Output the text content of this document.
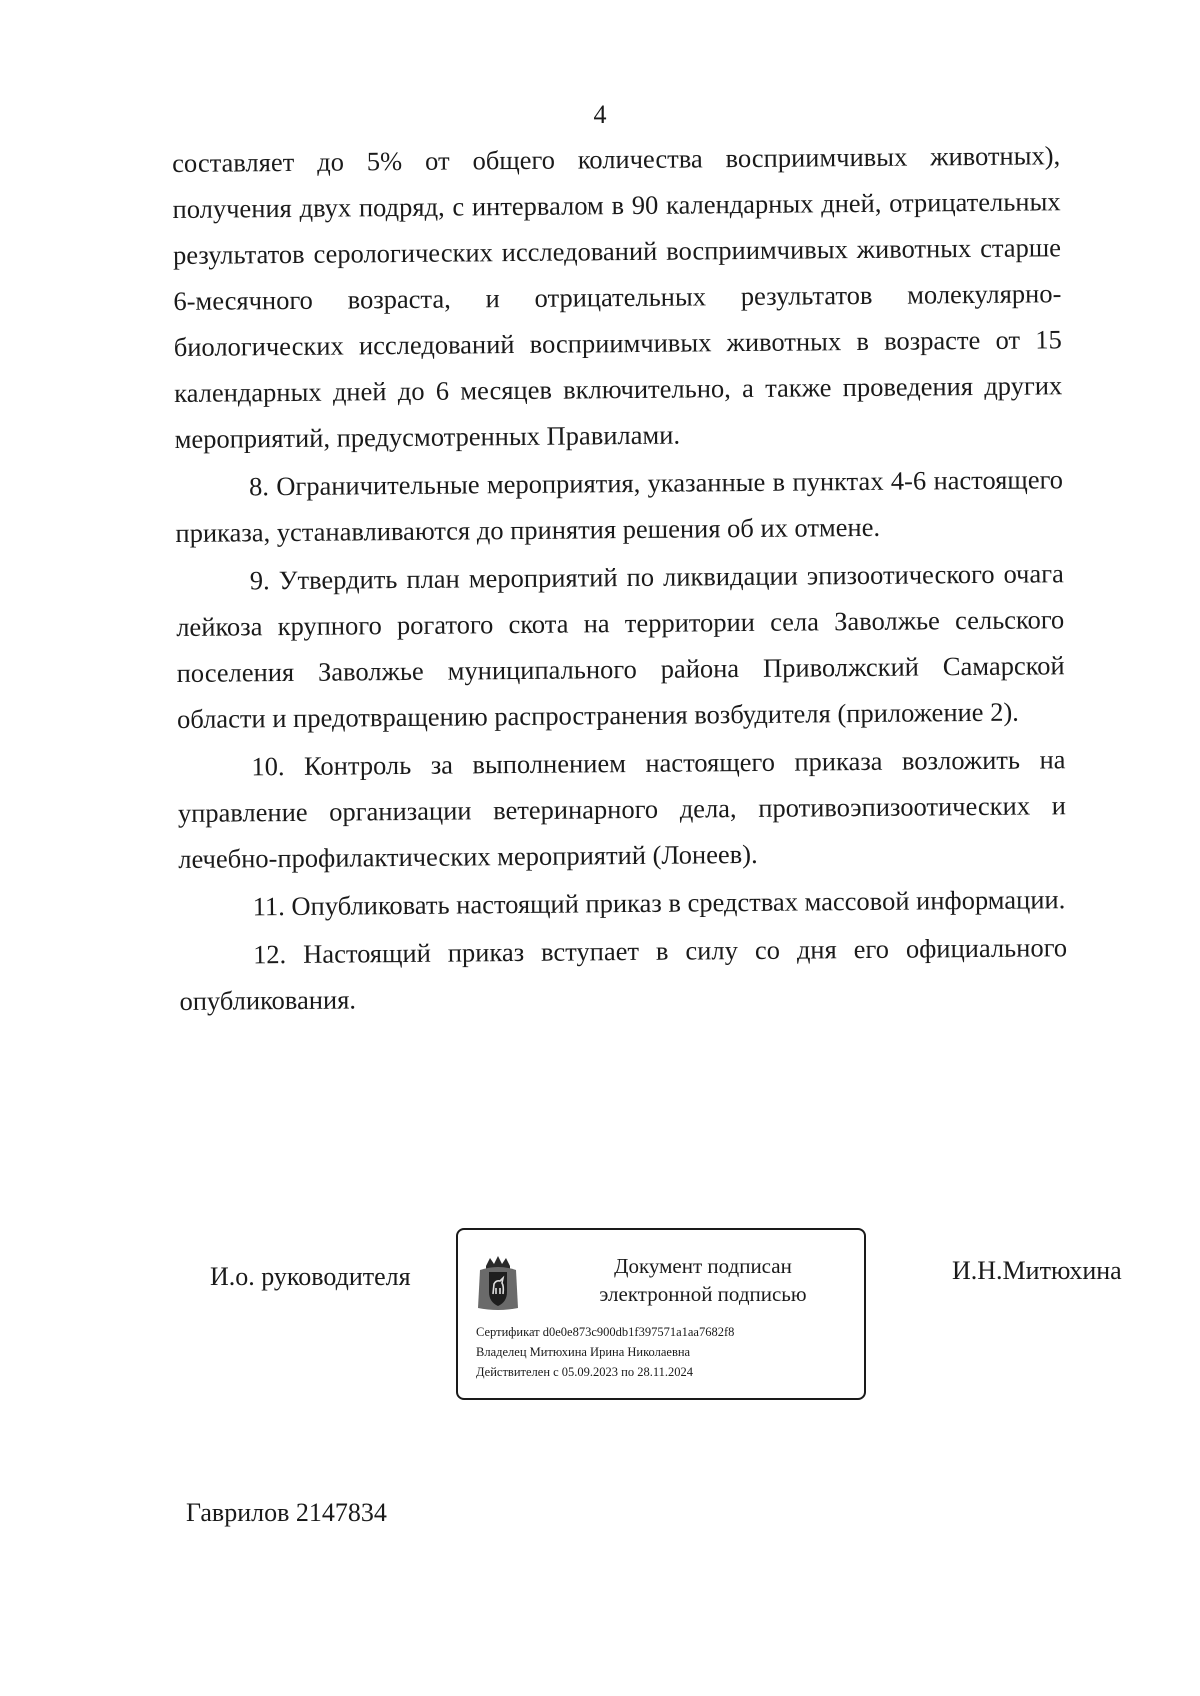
4

составляет до 5% от общего количества восприимчивых животных), получения двух подряд, с интервалом в 90 календарных дней, отрицательных результатов серологических исследований восприимчивых животных старше 6-месячного возраста, и отрицательных результатов молекулярно-биологических исследований восприимчивых животных в возрасте от 15 календарных дней до 6 месяцев включительно, а также проведения других мероприятий, предусмотренных Правилами.

8. Ограничительные мероприятия, указанные в пунктах 4-6 настоящего приказа, устанавливаются до принятия решения об их отмене.

9. Утвердить план мероприятий по ликвидации эпизоотического очага лейкоза крупного рогатого скота на территории села Заволжье сельского поселения Заволжье муниципального района Приволжский Самарской области и предотвращению распространения возбудителя (приложение 2).

10. Контроль за выполнением настоящего приказа возложить на управление организации ветеринарного дела, противоэпизоотических и лечебно-профилактических мероприятий (Лонеев).

11. Опубликовать настоящий приказ в средствах массовой информации.

12. Настоящий приказ вступает в силу со дня его официального опубликования.

И.о. руководителя	Документ подписан
электронной подписью
Сертификат d0e0e873c900db1f397571a1aa7682f8
Владелец Митюхина Ирина Николаевна
Действителен с 05.09.2023 по 28.11.2024
И.Н.Митюхина
Гаврилов 2147834
